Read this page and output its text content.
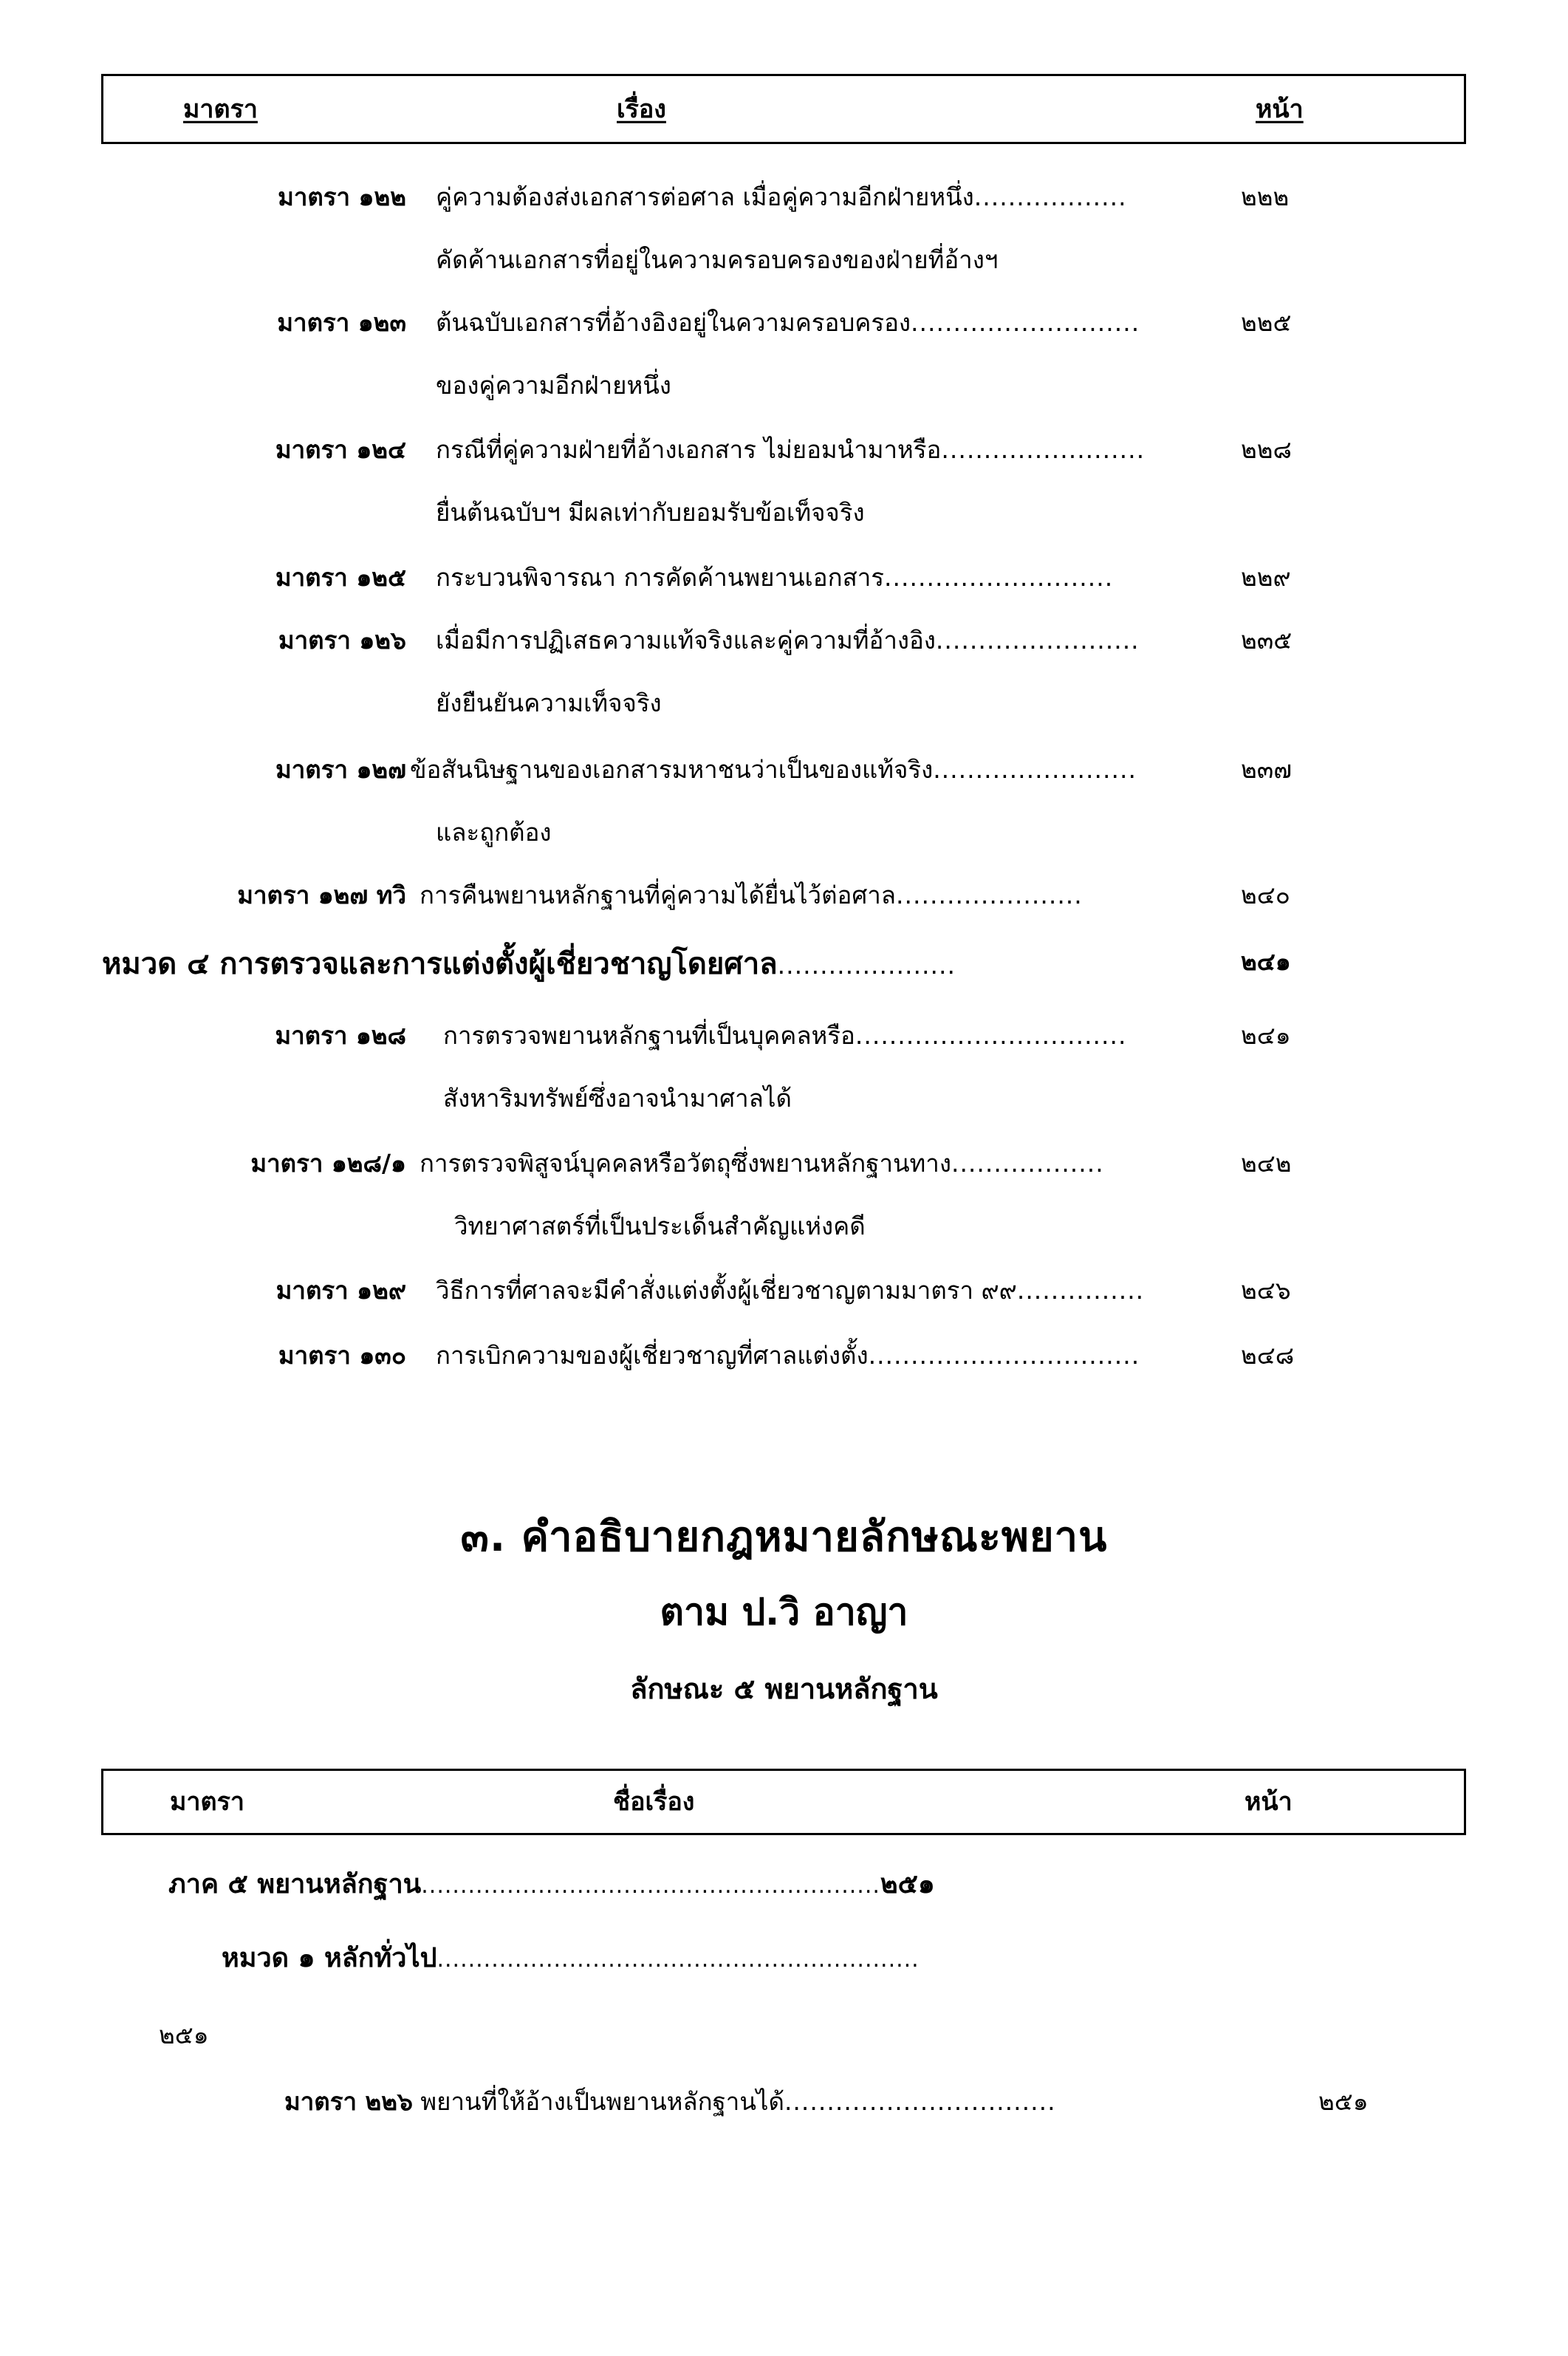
มาตรา	เรื่อง	หน้า
มาตรา ๑๒๒ คู่ความต้องส่งเอกสารต่อศาล เมื่อคู่ความอีกฝ่ายหนึ่ง..................	๒๒๒
คัดค้านเอกสารที่อยู่ในความครอบครองของฝ่ายที่อ้างฯ
มาตรา ๑๒๓ ต้นฉบับเอกสารที่อ้างอิงอยู่ในความครอบครอง...........................	๒๒๕
ของคู่ความอีกฝ่ายหนึ่ง
มาตรา ๑๒๔ กรณีที่คู่ความฝ่ายที่อ้างเอกสาร ไม่ยอมนำมาหรือ........................	๒๒๘
ยื่นต้นฉบับฯ มีผลเท่ากับยอมรับข้อเท็จจริง
มาตรา ๑๒๕ กระบวนพิจารณา การคัดค้านพยานเอกสาร...........................	๒๒๙
มาตรา ๑๒๖ เมื่อมีการปฏิเสธความแท้จริงและคู่ความที่อ้างอิง........................	๒๓๕
ยังยืนยันความเท็จจริง
มาตรา ๑๒๗ ข้อสันนิษฐานของเอกสารมหาชนว่าเป็นของแท้จริง........................	๒๓๗
และถูกต้อง
มาตรา ๑๒๗ ทวิ การคืนพยานหลักฐานที่คู่ความได้ยื่นไว้ต่อศาล......................	๒๔๐
หมวด ๔ การตรวจและการแต่งตั้งผู้เชี่ยวชาญโดยศาล.....................	๒๔๑
มาตรา ๑๒๘ การตรวจพยานหลักฐานที่เป็นบุคคลหรือ................................	๒๔๑
สังหาริมทรัพย์ซึ่งอาจนำมาศาลได้
มาตรา ๑๒๘/๑ การตรวจพิสูจน์บุคคลหรือวัตถุซึ่งพยานหลักฐานทาง..................	๒๔๒
วิทยาศาสตร์ที่เป็นประเด็นสำคัญแห่งคดี
มาตรา ๑๒๙ วิธีการที่ศาลจะมีคำสั่งแต่งตั้งผู้เชี่ยวชาญตามมาตรา ๙๙...............	๒๔๖
มาตรา ๑๓๐ การเบิกความของผู้เชี่ยวชาญที่ศาลแต่งตั้ง................................	๒๔๘
๓. คำอธิบายกฎหมายลักษณะพยาน
ตาม ป.วิ อาญา
ลักษณะ ๕ พยานหลักฐาน
มาตรา	ชื่อเรื่อง	หน้า
ภาค ๕ พยานหลักฐาน...........................................................๒๕๑
หมวด ๑ หลักทั่วไป..............................................................
๒๕๑
มาตรา ๒๒๖ พยานที่ให้อ้างเป็นพยานหลักฐานได้................................	๒๕๑
